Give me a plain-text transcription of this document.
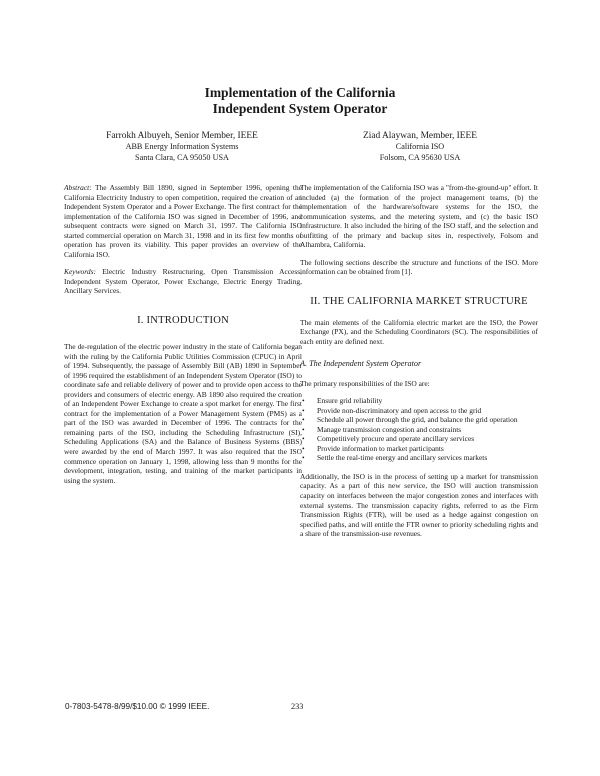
Implementation of the California
Independent System Operator
Farrokh Albuyeh, Senior Member, IEEE
ABB Energy Information Systems
Santa Clara, CA 95050 USA
Ziad Alaywan, Member, IEEE
California ISO
Folsom, CA 95630 USA

Abstract: The Assembly Bill 1890, signed in September 1996, opening the California Electricity Industry to open competition, required the creation of an Independent System Operator and a Power Exchange. The first contract for the implementation of the California ISO was signed in December of 1996, and subsequent contracts were signed on March 31, 1997. The California ISO started commercial operation on March 31, 1998 and in its first few months of operation has proven its viability. This paper provides an overview of the California ISO.

Keywords: Electric Industry Restructuring, Open Transmission Access, Independent System Operator, Power Exchange, Electric Energy Trading, Ancillary Services.

I. INTRODUCTION

The de-regulation of the electric power industry in the state of California began with the ruling by the California Public Utilities Commission (CPUC) in April of 1994. Subsequently, the passage of Assembly Bill (AB) 1890 in September of 1996 required the establishment of an Independent System Operator (ISO) to coordinate safe and reliable delivery of power and to provide open access to the providers and consumers of electric energy. AB 1890 also required the creation of an Independent Power Exchange to create a spot market for energy. The first contract for the implementation of a Power Management System (PMS) as a part of the ISO was awarded in December of 1996. The contracts for the remaining parts of the ISO, including the Scheduling Infrastructure (SI), Scheduling Applications (SA) and the Balance of Business Systems (BBS) were awarded by the end of March 1997. It was also required that the ISO commence operation on January 1, 1998, allowing less than 9 months for the development, integration, testing, and training of the market participants in using the system.

The implementation of the California ISO was a "from-the-ground-up" effort. It included (a) the formation of the project management teams, (b) the implementation of the hardware/software systems for the ISO, the communication systems, and the metering system, and (c) the basic ISO infrastructure. It also included the hiring of the ISO staff, and the selection and outfitting of the primary and backup sites in, respectively, Folsom and Alhambra, California.

The following sections describe the structure and functions of the ISO. More information can be obtained from [1].

II. THE CALIFORNIA MARKET STRUCTURE

The main elements of the California electric market are the ISO, the Power Exchange (PX), and the Scheduling Coordinators (SC). The responsibilities of each entity are defined next.

A. The Independent System Operator

The primary responsibilities of the ISO are:

• Ensure grid reliability
• Provide non-discriminatory and open access to the grid
• Schedule all power through the grid, and balance the grid operation
• Manage transmission congestion and constraints
• Competitively procure and operate ancillary services
• Provide information to market participants
• Settle the real-time energy and ancillary services markets

Additionally, the ISO is in the process of setting up a market for transmission capacity. As a part of this new service, the ISO will auction transmission capacity on interfaces between the major congestion zones and interfaces with external systems. The transmission capacity rights, referred to as the Firm Transmission Rights (FTR), will be used as a hedge against congestion on specified paths, and will entitle the FTR owner to priority scheduling rights and a share of the transmission-use revenues.

0-7803-5478-8/99/$10.00 © 1999 IEEE.	233
